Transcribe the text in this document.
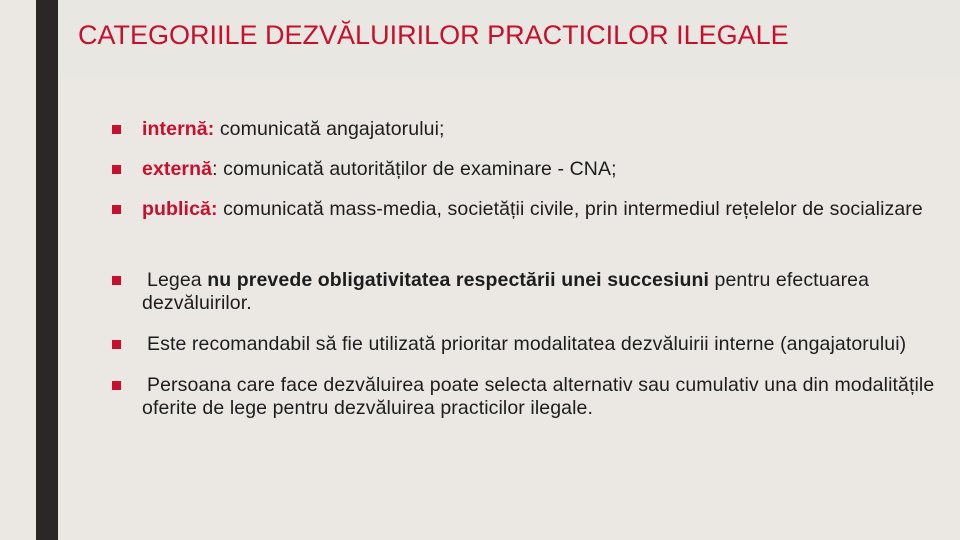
CATEGORIILE DEZVĂLUIRILOR PRACTICILOR ILEGALE
internă: comunicată angajatorului;
externă: comunicată autorităților de examinare - CNA;
publică: comunicată mass-media, societății civile, prin intermediul rețelelor de socializare
Legea nu prevede obligativitatea respectării unei succesiuni pentru efectuarea dezvăluirilor.
Este recomandabil să fie utilizată prioritar modalitatea dezvăluirii interne (angajatorului)
Persoana care face dezvăluirea poate selecta alternativ sau cumulativ una din modalitățile oferite de lege pentru dezvăluirea practicilor ilegale.
